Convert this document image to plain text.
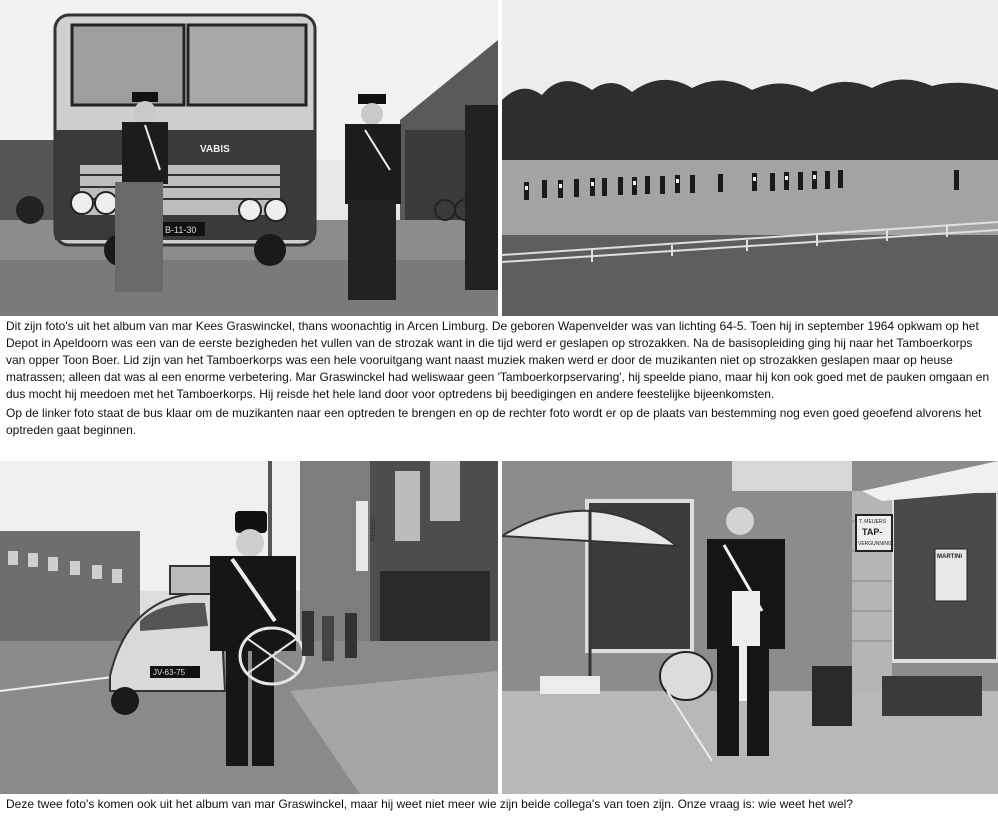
VABIS
B-11-30

Dit zijn foto's uit het album van mar Kees Graswinckel, thans woonachtig in Arcen Limburg. De geboren Wapenvelder was van lichting 64-5. Toen hij in september 1964 opkwam op het Depot in Apeldoorn was een van de eerste bezigheden het vullen van de strozak want in die tijd werd er geslapen op strozakken. Na de basisopleiding ging hij naar het Tamboerkorps van opper Toon Boer. Lid zijn van het Tamboerkorps was een hele vooruitgang want naast muziek maken werd er door de muzikanten niet op strozakken geslapen maar op heuse matrassen; alleen dat was al een enorme verbetering. Mar Graswinckel had weliswaar geen 'Tamboerkorpservaring', hij speelde piano, maar hij kon ook goed met de pauken omgaan en dus mocht hij meedoen met het Tamboerkorps. Hij reisde het hele land door voor optredens bij beedigingen en andere feestelijke bijeenkomsten.

Op de linker foto staat de bus klaar om de muzikanten naar een optreden te brengen en op de rechter foto wordt er op de plaats van bestemming nog even goed geoefend alvorens het optreden gaat beginnen.

OPERA
JV-63-75
T. MEIJERS
TAP-
VERGUNNING
MARTINI
Deze twee foto's komen ook uit het album van mar Graswinckel, maar hij weet niet meer wie zijn beide collega's van toen zijn. Onze vraag is: wie weet het wel?
